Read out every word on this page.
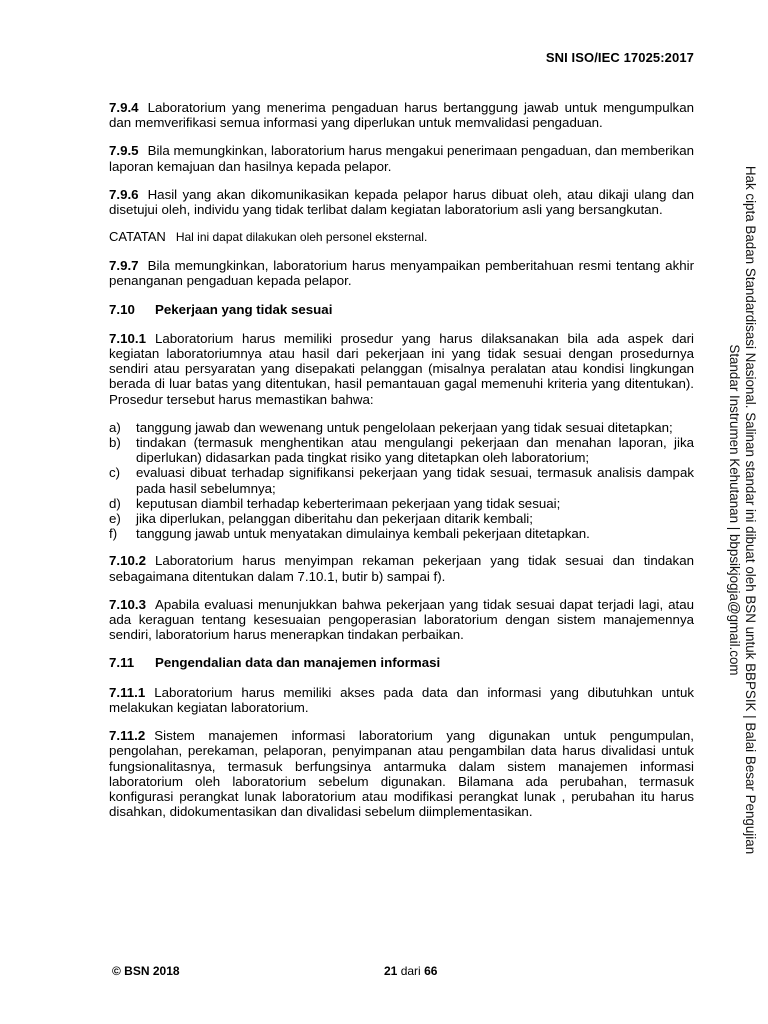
SNI ISO/IEC 17025:2017
Hak cipta Badan Standardisasi Nasional. Salinan standar ini dibuat oleh BSN untuk BBPSIK | Balai Besar Pengujian
Standar Instrumen Kehutanan | bbpsikjogja@gmail.com

7.9.4 Laboratorium yang menerima pengaduan harus bertanggung jawab untuk mengumpulkan dan memverifikasi semua informasi yang diperlukan untuk memvalidasi pengaduan.

7.9.5 Bila memungkinkan, laboratorium harus mengakui penerimaan pengaduan, dan memberikan laporan kemajuan dan hasilnya kepada pelapor.

7.9.6 Hasil yang akan dikomunikasikan kepada pelapor harus dibuat oleh, atau dikaji ulang dan disetujui oleh, individu yang tidak terlibat dalam kegiatan laboratorium asli yang bersangkutan.

CATATAN Hal ini dapat dilakukan oleh personel eksternal.

7.9.7 Bila memungkinkan, laboratorium harus menyampaikan pemberitahuan resmi tentang akhir penanganan pengaduan kepada pelapor.

7.10 Pekerjaan yang tidak sesuai

7.10.1 Laboratorium harus memiliki prosedur yang harus dilaksanakan bila ada aspek dari kegiatan laboratoriumnya atau hasil dari pekerjaan ini yang tidak sesuai dengan prosedurnya sendiri atau persyaratan yang disepakati pelanggan (misalnya peralatan atau kondisi lingkungan berada di luar batas yang ditentukan, hasil pemantauan gagal memenuhi kriteria yang ditentukan). Prosedur tersebut harus memastikan bahwa:

a) tanggung jawab dan wewenang untuk pengelolaan pekerjaan yang tidak sesuai ditetapkan;
b) tindakan (termasuk menghentikan atau mengulangi pekerjaan dan menahan laporan, jika diperlukan) didasarkan pada tingkat risiko yang ditetapkan oleh laboratorium;
c) evaluasi dibuat terhadap signifikansi pekerjaan yang tidak sesuai, termasuk analisis dampak pada hasil sebelumnya;
d) keputusan diambil terhadap keberterimaan pekerjaan yang tidak sesuai;
e) jika diperlukan, pelanggan diberitahu dan pekerjaan ditarik kembali;
f) tanggung jawab untuk menyatakan dimulainya kembali pekerjaan ditetapkan.

7.10.2 Laboratorium harus menyimpan rekaman pekerjaan yang tidak sesuai dan tindakan sebagaimana ditentukan dalam 7.10.1, butir b) sampai f).

7.10.3 Apabila evaluasi menunjukkan bahwa pekerjaan yang tidak sesuai dapat terjadi lagi, atau ada keraguan tentang kesesuaian pengoperasian laboratorium dengan sistem manajemennya sendiri, laboratorium harus menerapkan tindakan perbaikan.

7.11 Pengendalian data dan manajemen informasi

7.11.1 Laboratorium harus memiliki akses pada data dan informasi yang dibutuhkan untuk melakukan kegiatan laboratorium.

7.11.2 Sistem manajemen informasi laboratorium yang digunakan untuk pengumpulan, pengolahan, perekaman, pelaporan, penyimpanan atau pengambilan data harus divalidasi untuk fungsionalitasnya, termasuk berfungsinya antarmuka dalam sistem manajemen informasi laboratorium oleh laboratorium sebelum digunakan. Bilamana ada perubahan, termasuk konfigurasi perangkat lunak laboratorium atau modifikasi perangkat lunak , perubahan itu harus disahkan, didokumentasikan dan divalidasi sebelum diimplementasikan.

© BSN 2018	21 dari 66
